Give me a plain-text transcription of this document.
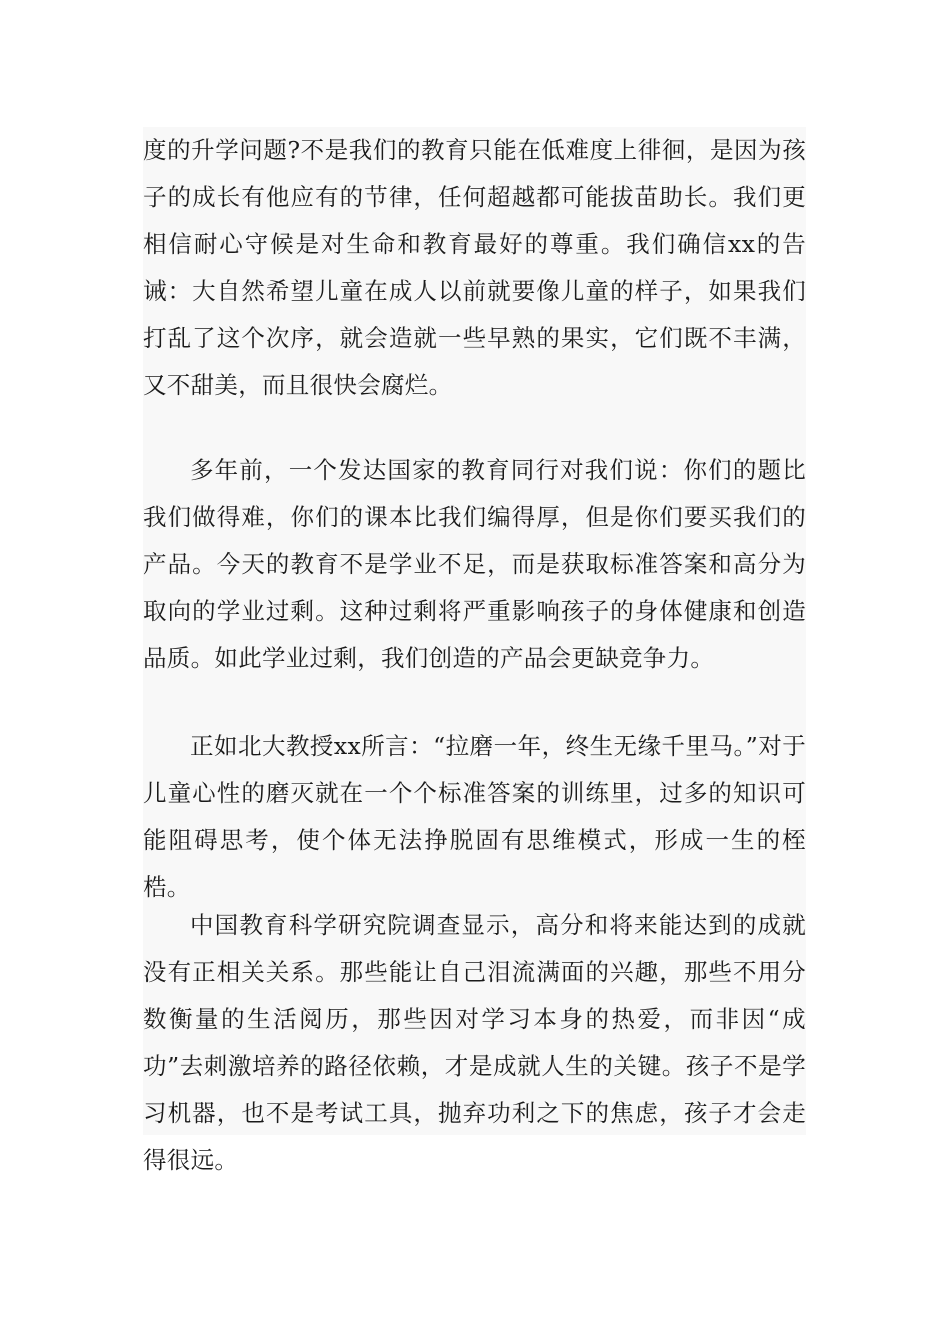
度的升学问题?不是我们的教育只能在低难度上徘徊，是因为孩子的成长有他应有的节律，任何超越都可能拔苗助长。我们更相信耐心守候是对生命和教育最好的尊重。我们确信xx的告诫：大自然希望儿童在成人以前就要像儿童的样子，如果我们打乱了这个次序，就会造就一些早熟的果实，它们既不丰满，又不甜美，而且很快会腐烂。

多年前，一个发达国家的教育同行对我们说：你们的题比我们做得难，你们的课本比我们编得厚，但是你们要买我们的产品。今天的教育不是学业不足，而是获取标准答案和高分为取向的学业过剩。这种过剩将严重影响孩子的身体健康和创造品质。如此学业过剩，我们创造的产品会更缺竞争力。

正如北大教授xx所言：“拉磨一年，终生无缘千里马。”对于儿童心性的磨灭就在一个个标准答案的训练里，过多的知识可能阻碍思考，使个体无法挣脱固有思维模式，形成一生的桎梏。

中国教育科学研究院调查显示，高分和将来能达到的成就没有正相关关系。那些能让自己泪流满面的兴趣，那些不用分数衡量的生活阅历，那些因对学习本身的热爱，而非因“成功”去刺激培养的路径依赖，才是成就人生的关键。孩子不是学习机器，也不是考试工具，抛弃功利之下的焦虑，孩子才会走得很远。
